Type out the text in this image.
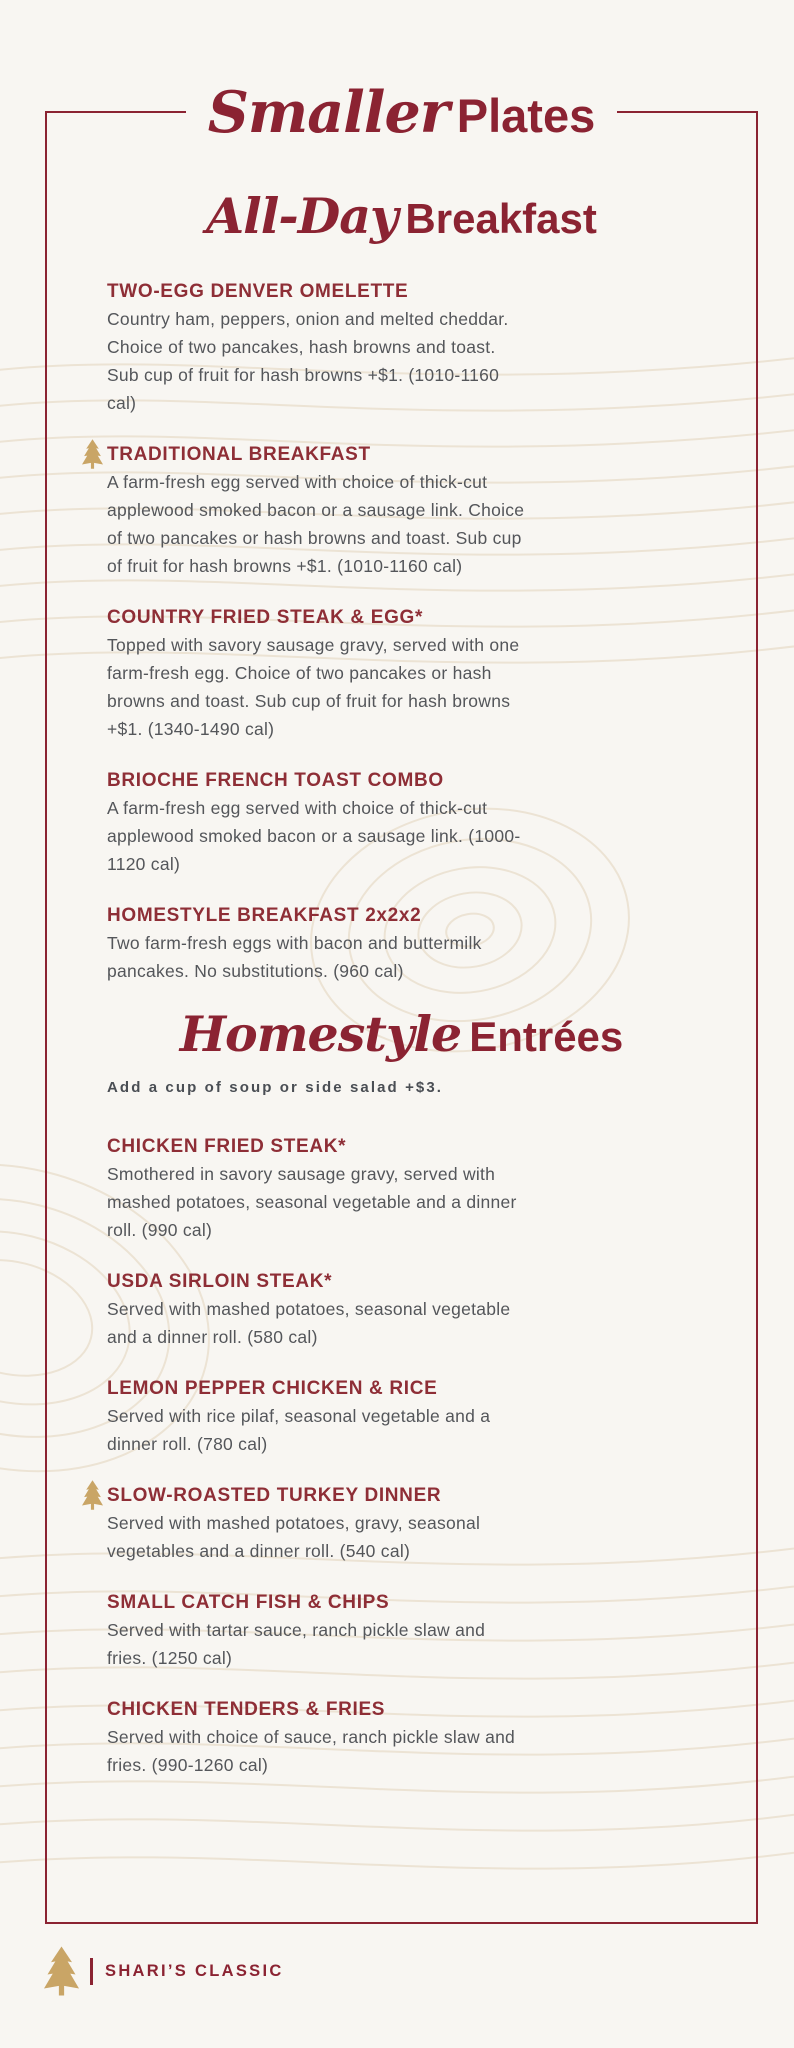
Smaller Plates
All-Day Breakfast
TWO-EGG DENVER OMELETTE
Country ham, peppers, onion and melted cheddar. Choice of two pancakes, hash browns and toast. Sub cup of fruit for hash browns +$1. (1010-1160 cal)
TRADITIONAL BREAKFAST
A farm-fresh egg served with choice of thick-cut applewood smoked bacon or a sausage link. Choice of two pancakes or hash browns and toast. Sub cup of fruit for hash browns +$1. (1010-1160 cal)
COUNTRY FRIED STEAK & EGG*
Topped with savory sausage gravy, served with one farm-fresh egg. Choice of two pancakes or hash browns and toast. Sub cup of fruit for hash browns +$1. (1340-1490 cal)
BRIOCHE FRENCH TOAST COMBO
A farm-fresh egg served with choice of thick-cut applewood smoked bacon or a sausage link. (1000-1120 cal)
HOMESTYLE BREAKFAST 2x2x2
Two farm-fresh eggs with bacon and buttermilk pancakes. No substitutions. (960 cal)
Homestyle Entrées
Add a cup of soup or side salad +$3.
CHICKEN FRIED STEAK*
Smothered in savory sausage gravy, served with mashed potatoes, seasonal vegetable and a dinner roll. (990 cal)
USDA SIRLOIN STEAK*
Served with mashed potatoes, seasonal vegetable and a dinner roll. (580 cal)
LEMON PEPPER CHICKEN & RICE
Served with rice pilaf, seasonal vegetable and a dinner roll. (780 cal)
SLOW-ROASTED TURKEY DINNER
Served with mashed potatoes, gravy, seasonal vegetables and a dinner roll. (540 cal)
SMALL CATCH FISH & CHIPS
Served with tartar sauce, ranch pickle slaw and fries. (1250 cal)
CHICKEN TENDERS & FRIES
Served with choice of sauce, ranch pickle slaw and fries. (990-1260 cal)
SHARI’S CLASSIC
